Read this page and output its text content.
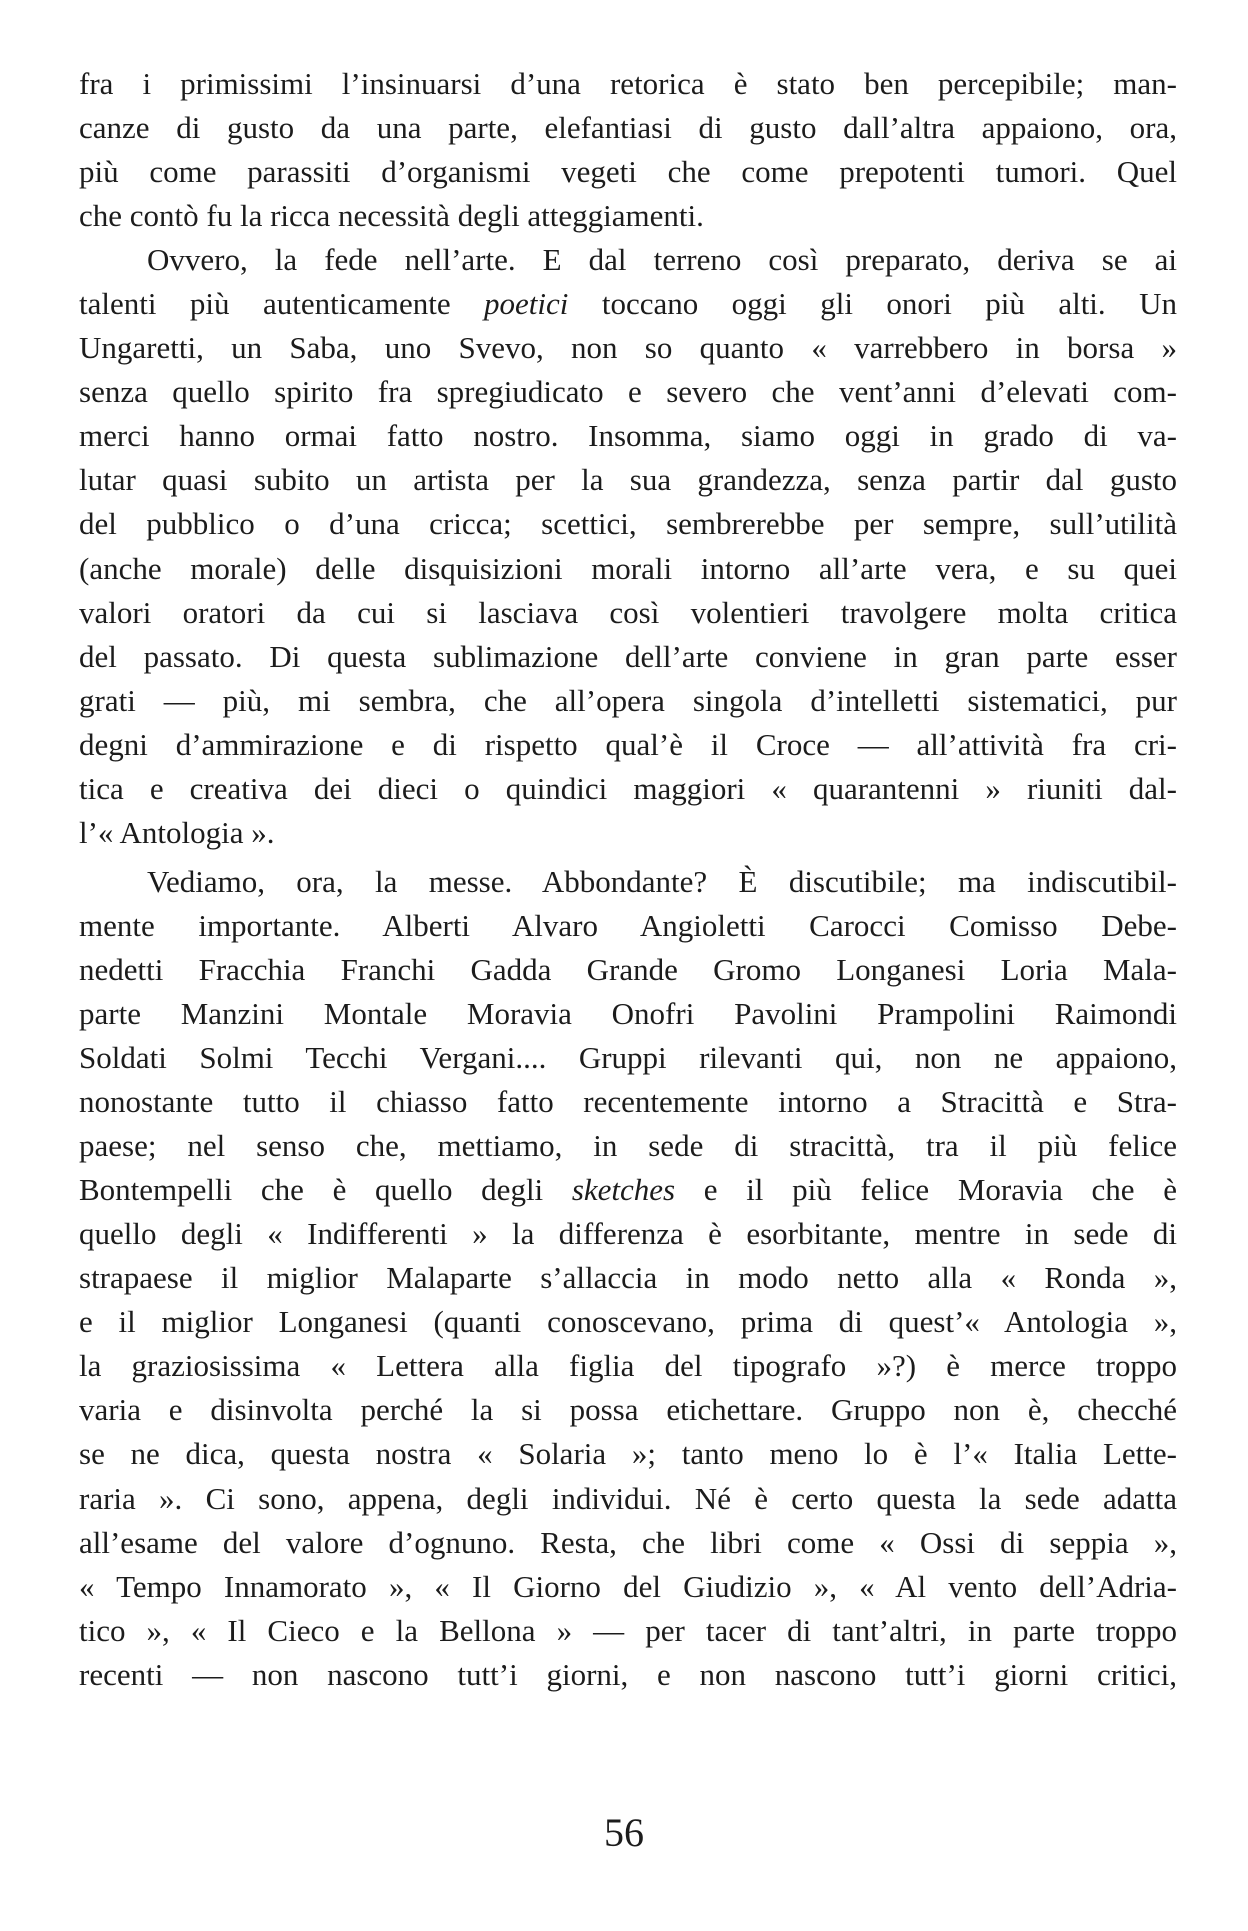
fra i primissimi l’insinuarsi d’una retorica è stato ben percepibile; man-
canze di gusto da una parte, elefantiasi di gusto dall’altra appaiono, ora,
più come parassiti d’organismi vegeti che come prepotenti tumori. Quel
che contò fu la ricca necessità degli atteggiamenti.
Ovvero, la fede nell’arte. E dal terreno così preparato, deriva se ai
talenti più autenticamente poetici toccano oggi gli onori più alti. Un
Ungaretti, un Saba, uno Svevo, non so quanto « varrebbero in borsa »
senza quello spirito fra spregiudicato e severo che vent’anni d’elevati com-
merci hanno ormai fatto nostro. Insomma, siamo oggi in grado di va-
lutar quasi subito un artista per la sua grandezza, senza partir dal gusto
del pubblico o d’una cricca; scettici, sembrerebbe per sempre, sull’utilità
(anche morale) delle disquisizioni morali intorno all’arte vera, e su quei
valori oratori da cui si lasciava così volentieri travolgere molta critica
del passato. Di questa sublimazione dell’arte conviene in gran parte esser
grati — più, mi sembra, che all’opera singola d’intelletti sistematici, pur
degni d’ammirazione e di rispetto qual’è il Croce — all’attività fra cri-
tica e creativa dei dieci o quindici maggiori « quarantenni » riuniti dal-
l’« Antologia ».
Vediamo, ora, la messe. Abbondante? È discutibile; ma indiscutibil-
mente importante. Alberti Alvaro Angioletti Carocci Comisso Debe-
nedetti Fracchia Franchi Gadda Grande Gromo Longanesi Loria Mala-
parte Manzini Montale Moravia Onofri Pavolini Prampolini Raimondi
Soldati Solmi Tecchi Vergani.... Gruppi rilevanti qui, non ne appaiono,
nonostante tutto il chiasso fatto recentemente intorno a Stracittà e Stra-
paese; nel senso che, mettiamo, in sede di stracittà, tra il più felice
Bontempelli che è quello degli sketches e il più felice Moravia che è
quello degli « Indifferenti » la differenza è esorbitante, mentre in sede di
strapaese il miglior Malaparte s’allaccia in modo netto alla « Ronda »,
e il miglior Longanesi (quanti conoscevano, prima di quest’« Antologia »,
la graziosissima « Lettera alla figlia del tipografo »?) è merce troppo
varia e disinvolta perché la si possa etichettare. Gruppo non è, checché
se ne dica, questa nostra « Solaria »; tanto meno lo è l’« Italia Lette-
raria ». Ci sono, appena, degli individui. Né è certo questa la sede adatta
all’esame del valore d’ognuno. Resta, che libri come « Ossi di seppia »,
« Tempo Innamorato », « Il Giorno del Giudizio », « Al vento dell’Adria-
tico », « Il Cieco e la Bellona » — per tacer di tant’altri, in parte troppo
recenti — non nascono tutt’i giorni, e non nascono tutt’i giorni critici,
56
